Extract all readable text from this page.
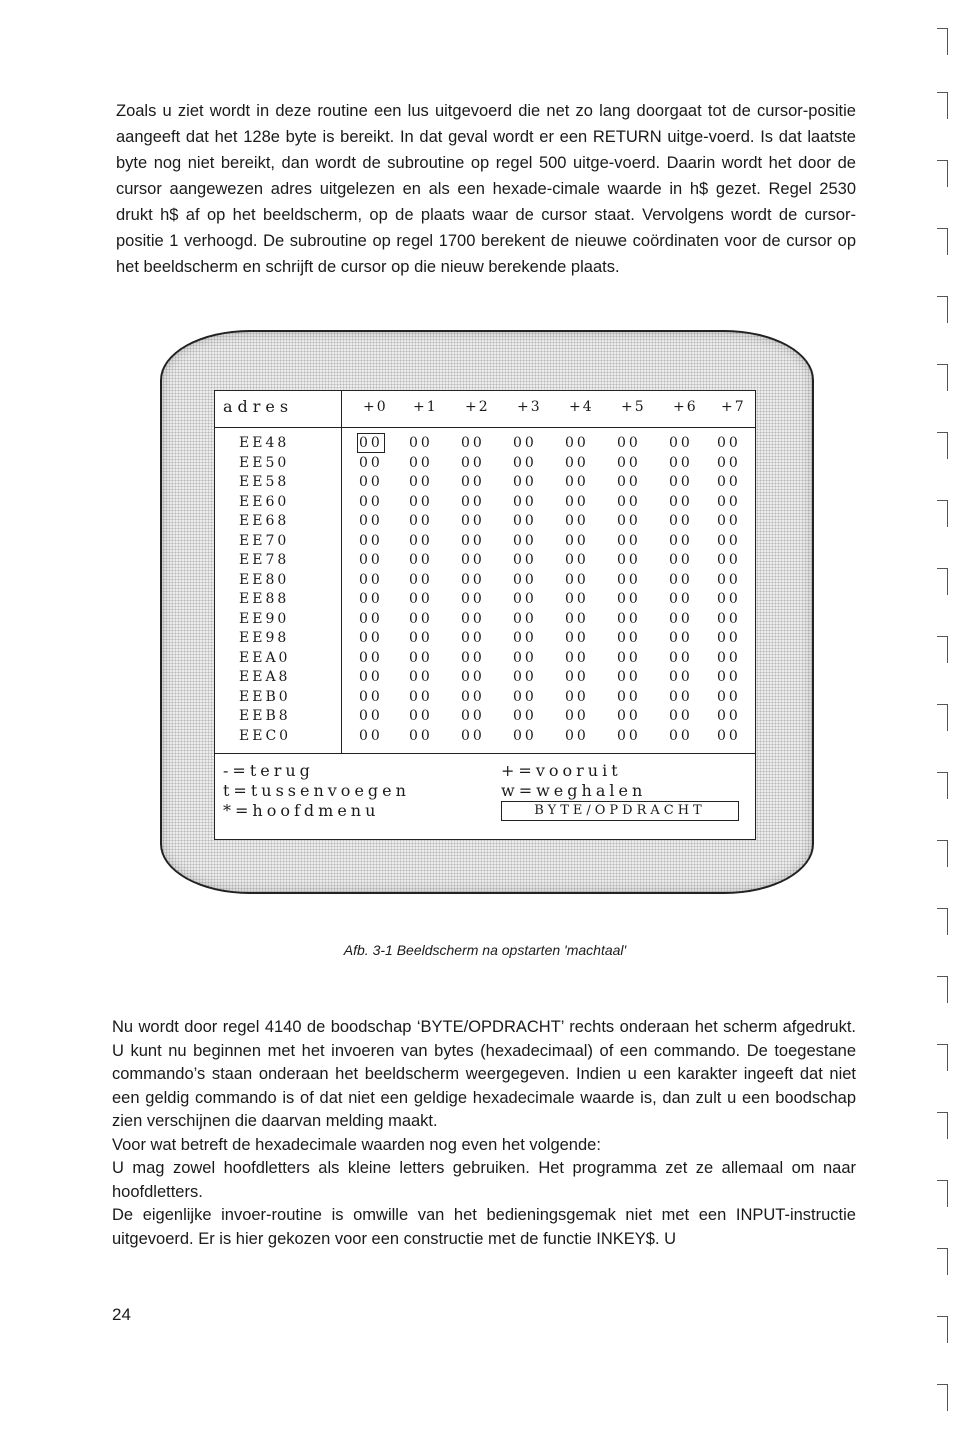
Zoals u ziet wordt in deze routine een lus uitgevoerd die net zo lang doorgaat tot de cursor-positie aangeeft dat het 128e byte is bereikt. In dat geval wordt er een RETURN uitge-voerd. Is dat laatste byte nog niet bereikt, dan wordt de subroutine op regel 500 uitge-voerd. Daarin wordt het door de cursor aangewezen adres uitgelezen en als een hexade-cimale waarde in h$ gezet. Regel 2530 drukt h$ af op het beeldscherm, op de plaats waar de cursor staat. Vervolgens wordt de cursor-positie 1 verhoogd. De subroutine op regel 1700 berekent de nieuwe coördinaten voor de cursor op het beeldscherm en schrijft de cursor op die nieuw berekende plaats.

adres	+0 +1 +2 +3 +4 +5 +6 +7
EE48	00 00 00 00 00 00 00 00
EE50	00 00 00 00 00 00 00 00
EE58	00 00 00 00 00 00 00 00
EE60	00 00 00 00 00 00 00 00
EE68	00 00 00 00 00 00 00 00
EE70	00 00 00 00 00 00 00 00
EE78	00 00 00 00 00 00 00 00
EE80	00 00 00 00 00 00 00 00
EE88	00 00 00 00 00 00 00 00
EE90	00 00 00 00 00 00 00 00
EE98	00 00 00 00 00 00 00 00
EEA0	00 00 00 00 00 00 00 00
EEA8	00 00 00 00 00 00 00 00
EEB0	00 00 00 00 00 00 00 00
EEB8	00 00 00 00 00 00 00 00
EEC0	00 00 00 00 00 00 00 00
-=terug	+=vooruit
t=tussenvoegen	w=weghalen
*=hoofdmenu	BYTE/OPDRACHT
Afb. 3-1 Beeldscherm na opstarten 'machtaal'

Nu wordt door regel 4140 de boodschap ‘BYTE/OPDRACHT’ rechts onderaan het scherm afgedrukt. U kunt nu beginnen met het invoeren van bytes (hexadecimaal) of een commando. De toegestane commando’s staan onderaan het beeldscherm weergegeven. Indien u een karakter ingeeft dat niet een geldig commando is of dat niet een geldige hexadecimale waarde is, dan zult u een boodschap zien verschijnen die daarvan melding maakt.

Voor wat betreft de hexadecimale waarden nog even het volgende:

U mag zowel hoofdletters als kleine letters gebruiken. Het programma zet ze allemaal om naar hoofdletters.

De eigenlijke invoer-routine is omwille van het bedieningsgemak niet met een INPUT-instructie uitgevoerd. Er is hier gekozen voor een constructie met de functie INKEY$. U

24
